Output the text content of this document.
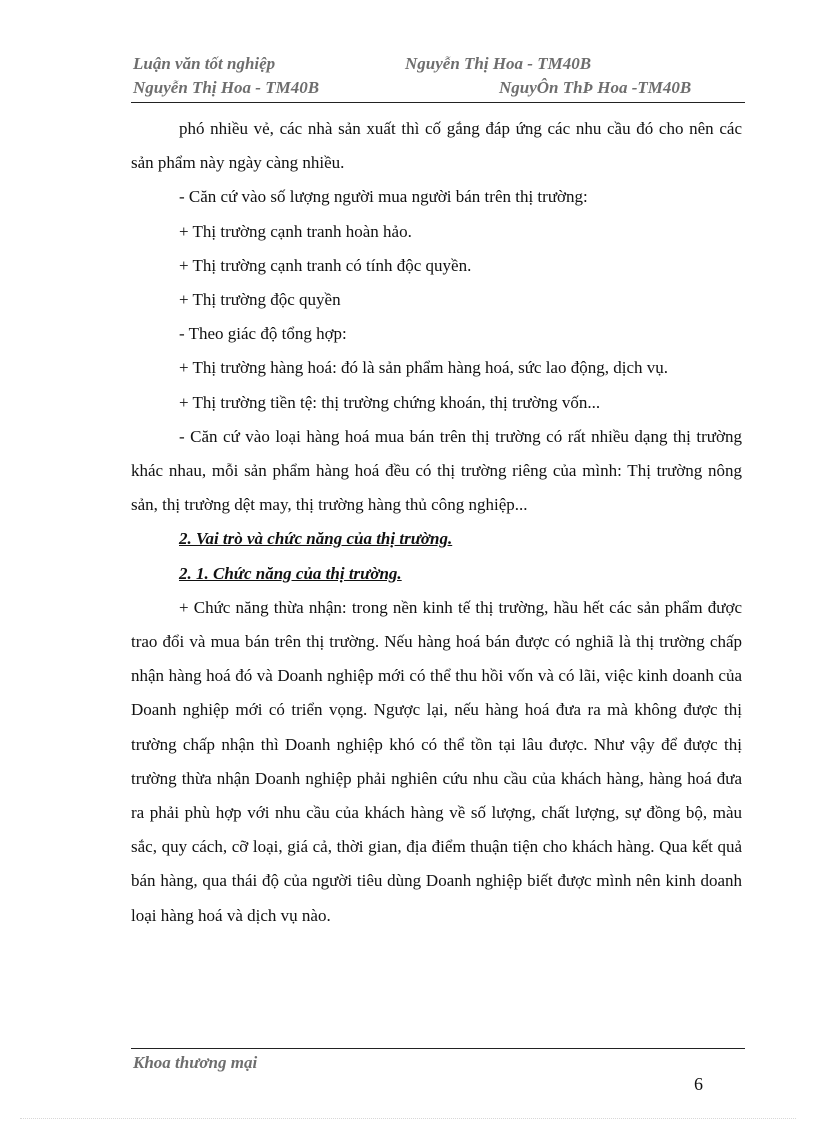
Luận văn tốt nghiệp	Nguyễn Thị Hoa - TM40B
Nguyễn Thị Hoa - TM40B	NguyÔn ThÞ Hoa -TM40B

phó nhiều vẻ, các nhà sản xuất thì cố gắng đáp ứng các nhu cầu đó cho nên các sản phẩm này ngày càng nhiều.

- Căn cứ vào số lượng người mua người bán trên thị trường:

+ Thị trường cạnh tranh hoàn hảo.

+ Thị trường cạnh tranh có tính độc quyền.

+ Thị trường độc quyền

- Theo giác độ tổng hợp:

+ Thị trường hàng hoá: đó là sản phẩm hàng hoá, sức lao động, dịch vụ.

+ Thị trường tiền tệ: thị trường chứng khoán, thị trường vốn...

- Căn cứ vào loại hàng hoá mua bán trên thị trường có rất nhiều dạng thị trường khác nhau, mỗi sản phẩm hàng hoá đều có thị trường riêng của mình: Thị trường nông sản, thị trường dệt may, thị trường hàng thủ công nghiệp...

2. Vai trò và chức năng của thị trường.

2. 1. Chức năng của thị trường.

+ Chức năng thừa nhận: trong nền kinh tế thị trường, hầu hết các sản phẩm được trao đổi và mua bán trên thị trường. Nếu hàng hoá bán được có nghiã là thị trường chấp nhận hàng hoá đó và Doanh nghiệp mới có thể thu hồi vốn và có lãi, việc kinh doanh của Doanh nghiệp mới có triển vọng. Ngược lại, nếu hàng hoá đưa ra mà không được thị trường chấp nhận thì Doanh nghiệp khó có thể tồn tại lâu được. Như vậy để được thị trường thừa nhận Doanh nghiệp phải nghiên cứu nhu cầu của khách hàng, hàng hoá đưa ra phải phù hợp với nhu cầu của khách hàng về số lượng, chất lượng, sự đồng bộ, màu sắc, quy cách, cỡ loại, giá cả, thời gian, địa điểm thuận tiện cho khách hàng. Qua kết quả bán hàng, qua thái độ của người tiêu dùng Doanh nghiệp biết được mình nên kinh doanh loại hàng hoá và dịch vụ nào.

Khoa thương mại
6
